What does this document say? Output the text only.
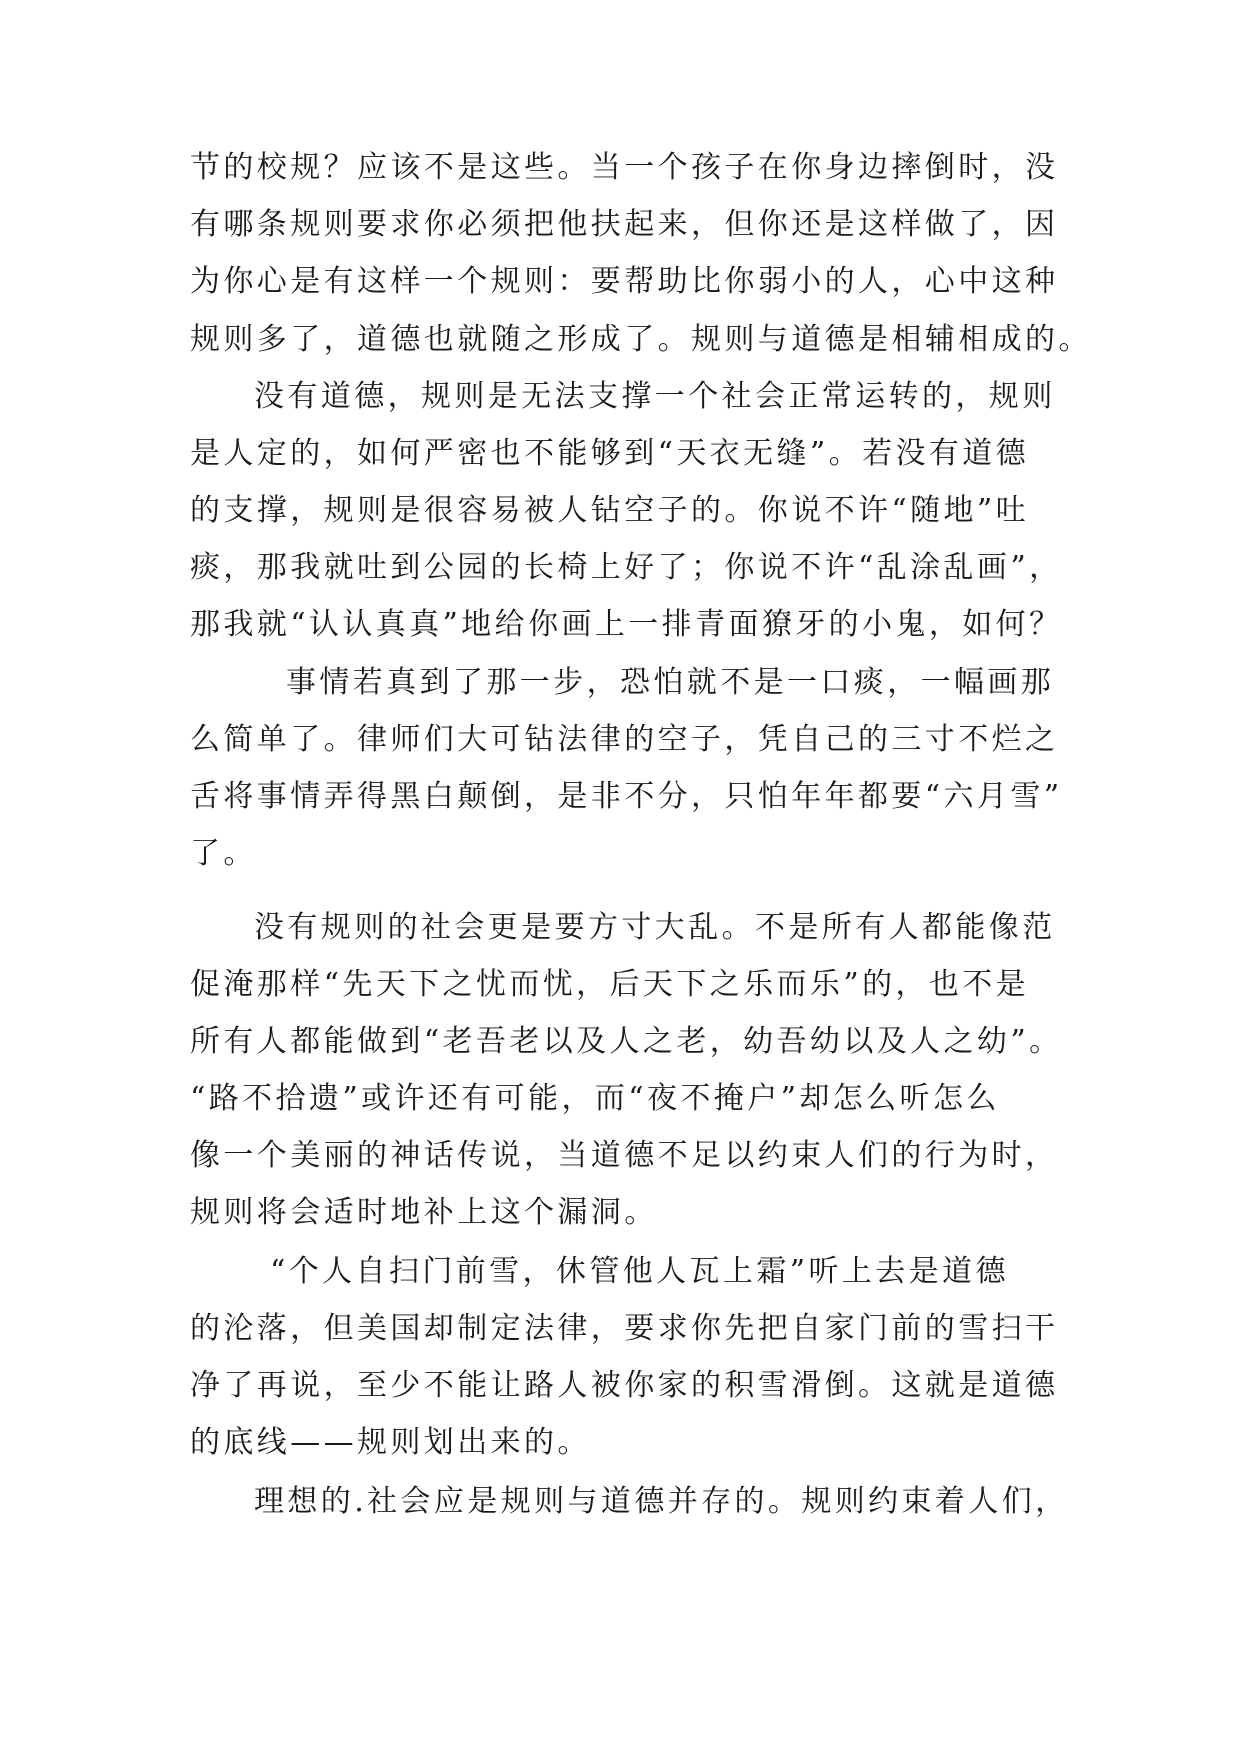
节的校规？应该不是这些。当一个孩子在你身边摔倒时，没
有哪条规则要求你必须把他扶起来，但你还是这样做了，因
为你心是有这样一个规则：要帮助比你弱小的人，心中这种
规则多了，道德也就随之形成了。规则与道德是相辅相成的。
没有道德，规则是无法支撑一个社会正常运转的，规则
是人定的，如何严密也不能够到“天衣无缝”。若没有道德
的支撑，规则是很容易被人钻空子的。你说不许“随地”吐
痰，那我就吐到公园的长椅上好了；你说不许“乱涂乱画”，
那我就“认认真真”地给你画上一排青面獠牙的小鬼，如何？
事情若真到了那一步，恐怕就不是一口痰，一幅画那
么简单了。律师们大可钻法律的空子，凭自己的三寸不烂之
舌将事情弄得黑白颠倒，是非不分，只怕年年都要“六月雪”
了。
没有规则的社会更是要方寸大乱。不是所有人都能像范
促淹那样“先天下之忧而忧，后天下之乐而乐”的，也不是
所有人都能做到“老吾老以及人之老，幼吾幼以及人之幼”。
“路不拾遗”或许还有可能，而“夜不掩户”却怎么听怎么
像一个美丽的神话传说，当道德不足以约束人们的行为时，
规则将会适时地补上这个漏洞。
“个人自扫门前雪，休管他人瓦上霜”听上去是道德
的沦落，但美国却制定法律，要求你先把自家门前的雪扫干
净了再说，至少不能让路人被你家的积雪滑倒。这就是道德
的底线——规则划出来的。
理想的.社会应是规则与道德并存的。规则约束着人们，
